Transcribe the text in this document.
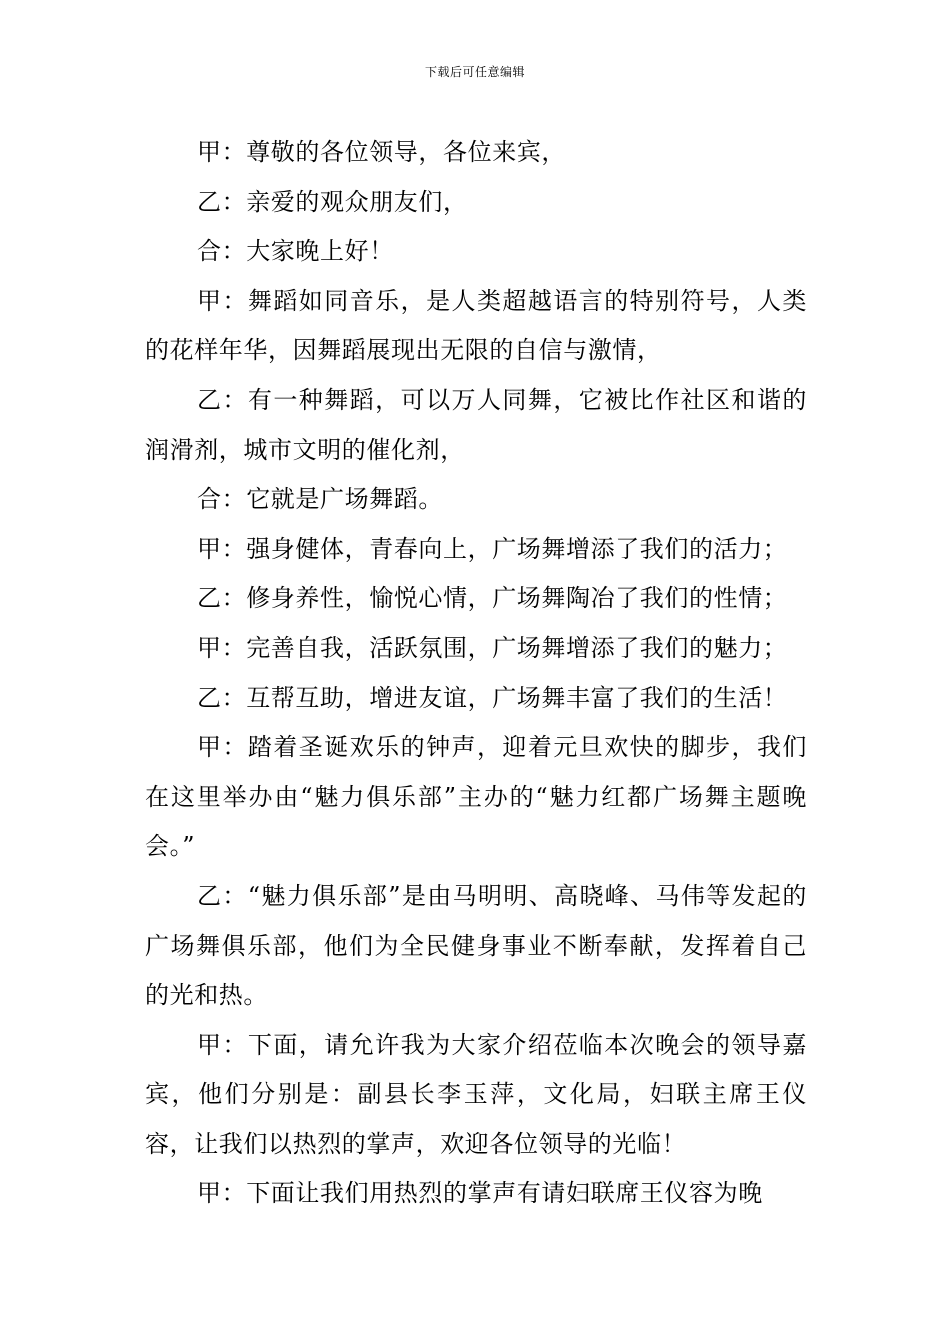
下载后可任意编辑

甲：尊敬的各位领导，各位来宾，

乙：亲爱的观众朋友们，

合：大家晚上好！

甲：舞蹈如同音乐，是人类超越语言的特别符号，人类的花样年华，因舞蹈展现出无限的自信与激情，

乙：有一种舞蹈，可以万人同舞，它被比作社区和谐的润滑剂，城市文明的催化剂，

合：它就是广场舞蹈。

甲：强身健体，青春向上，广场舞增添了我们的活力；

乙：修身养性，愉悦心情，广场舞陶冶了我们的性情；

甲：完善自我，活跃氛围，广场舞增添了我们的魅力；

乙：互帮互助，增进友谊，广场舞丰富了我们的生活！

甲：踏着圣诞欢乐的钟声，迎着元旦欢快的脚步，我们在这里举办由“魅力俱乐部”主办的“魅力红都广场舞主题晚会。”

乙：“魅力俱乐部”是由马明明、高晓峰、马伟等发起的广场舞俱乐部，他们为全民健身事业不断奉献，发挥着自己的光和热。

甲：下面，请允许我为大家介绍莅临本次晚会的领导嘉宾，他们分别是：副县长李玉萍，文化局，妇联主席王仪容，让我们以热烈的掌声，欢迎各位领导的光临！

甲：下面让我们用热烈的掌声有请妇联席王仪容为晚
